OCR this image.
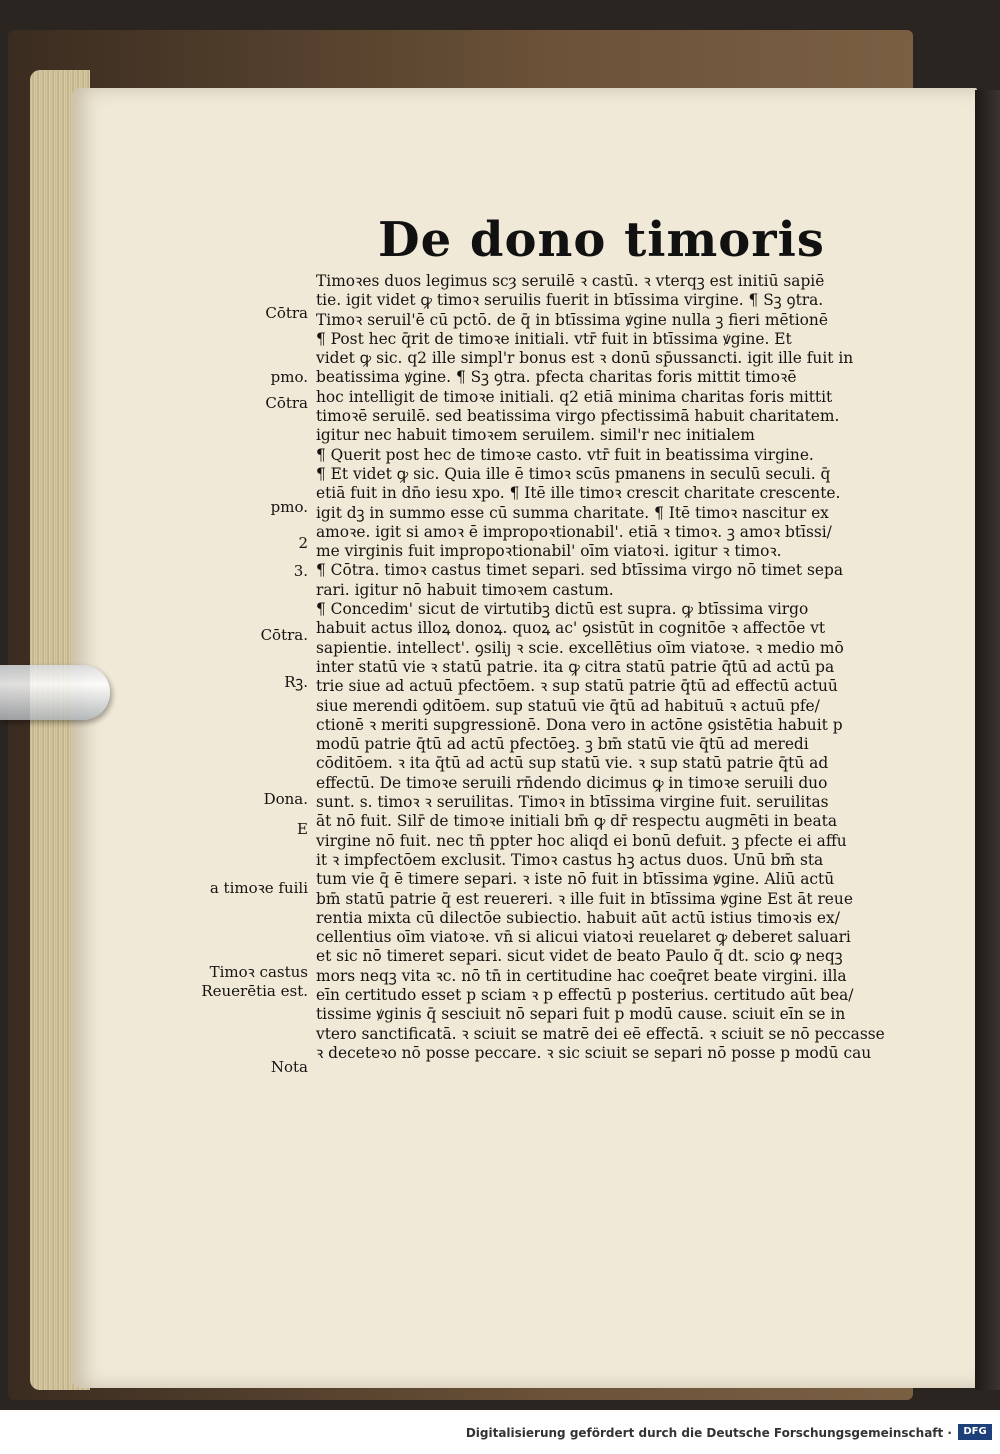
De dono timoris
Cōtra
pmo.
Cōtra
pmo.
2
3.
Cōtra.
Rꝫ.
Dona.
E
a timoꝛe fuili
Timoꝛ castus
Reuerētia est.
Nota
Timoꝛes duos legimus scȝ seruilē ꝛ castū. ꝛ vterqꝫ est initiū sapiē
tie. igit̄ videt̄ ꝙ timoꝛ seruilis fuerit in btīssima virgine. ¶ Sꝫ ꝯtra.
Timoꝛ seruil'ē cū pctō. de q̄ in btīssima ꝟgine nulla ꝫ fieri mētionē
¶ Post hec q̄rit̄ de timoꝛe initiali. vtr̄ fuit in btīssima ꝟgine. Et
videt̄ ꝙ sic. q2 ille simpl'r bonus est ꝛ donū sp̄ussancti. igit̄ ille fuit in
beatissima ꝟgine. ¶ Sꝫ ꝯtra. pfecta charitas foris mittit timoꝛē
hoc intelligit̄ de timoꝛe initiali. q2 etiā minima charitas foris mittit
timoꝛē seruilē. sed beatissima virgo pfectissimā habuit charitatem.
igitur nec habuit timoꝛem seruilem. simil'r nec initialem
¶ Querit̄ post hec de timoꝛe casto. vtr̄ fuit in beatissima virgine.
¶ Et videt̄ ꝙ sic. Quia ille ē timoꝛ scūs pmanens in seculū seculi. q̄
etiā fuit in dn̄o iesu xpo. ¶ Itē ille timoꝛ crescit charitate crescente.
igit̄ dꝫ in summo esse cū summa charitate. ¶ Itē timoꝛ nascitur ex
amoꝛe. igit̄ si amoꝛ ē impropoꝛtionabil'. etiā ꝛ timoꝛ. ꝫ amoꝛ btīssi/
me virginis fuit impropoꝛtionabil' oīm viatoꝛi. igitur ꝛ timoꝛ.
¶ Cōtra. timoꝛ castus timet separi. sed btīssima virgo nō timet sepa
rari. igitur nō habuit timoꝛem castum.
¶ Concedim' sicut de virtutibꝫ dictū est supra. ꝙ btīssima virgo
habuit actus illoꝝ donoꝝ. quoꝝ ac' ꝯsistūt in cognitōe ꝛ affectōe vt
sapientie. intellect'. ꝯsiliȷ ꝛ scie. excellētius oīm viatoꝛe. ꝛ medio mō
inter statū vie ꝛ statū patrie. ita ꝙ citra statū patrie q̄tū ad actū pa
trie siue ad actuū pfectōem. ꝛ sup statū patrie q̄tū ad effectū actuū
siue merendi ꝯditōem. sup statuū vie q̄tū ad habituū ꝛ actuū pfe/
ctionē ꝛ meriti supgressionē. Dona vero in actōne ꝯsistētia habuit p
modū patrie q̄tū ad actū pfectōeꝫ. ꝫ bm̄ statū vie q̄tū ad meredi
cōditōem. ꝛ ita q̄tū ad actū sup statū vie. ꝛ sup statū patrie q̄tū ad
effectū. De timoꝛe seruili rn̄dendo dicimus ꝙ in timoꝛe seruili duo
sunt. s. timoꝛ ꝛ seruilitas. Timoꝛ in btīssima virgine fuit. seruilitas
āt nō fuit. Silr̄ de timoꝛe initiali bm̄ ꝙ dr̄ respectu augmēti in beata
virgine nō fuit. nec tn̄ ppter hoc aliqd̄ ei bonū defuit. ꝫ pfecte ei affu
it ꝛ impfectōem exclusit. Timoꝛ castus hꝫ actus duos. Unū bm̄ sta
tum vie q̄ ē timere separi. ꝛ iste nō fuit in btīssima ꝟgine. Aliū actū
bm̄ statū patrie q̄ est reuereri. ꝛ ille fuit in btīssima ꝟgine Est āt reue
rentia mixta cū dilectōe subiectio. habuit aūt actū istius timoꝛis ex/
cellentius oīm viatoꝛe. vn̄ si alicui viatoꝛi reuelaret̄ ꝙ deberet saluari
et sic nō timeret separi. sicut videt̄ de beato Paulo q̄ dt̄. scio ꝙ neqꝫ
mors neqꝫ vita ꝛc. nō tn̄ in certitudine hac coeq̄ret̄ beate virgini. illa
eīn certitudo esset p sciam ꝛ p effectū p posterius. certitudo aūt bea/
tissime ꝟginis q̄ sesciuit nō separi fuit p modū cause. sciuit eīn se in
vtero sanctificatā. ꝛ sciuit se matrē dei eē effectā. ꝛ sciuit se nō peccasse
ꝛ deceteꝛo nō posse peccare. ꝛ sic sciuit se separi nō posse p modū cau
Digitalisierung gefördert durch die Deutsche Forschungsgemeinschaft ·	DFG
